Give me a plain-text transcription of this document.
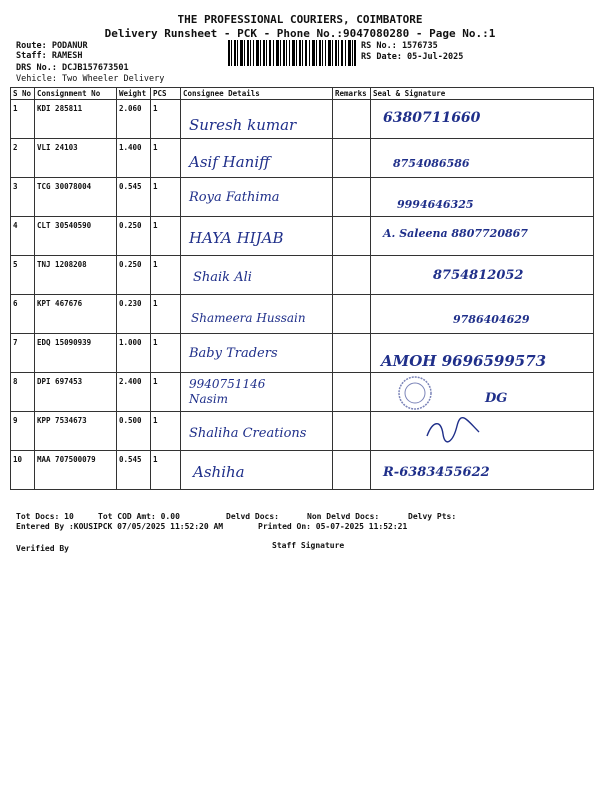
THE PROFESSIONAL COURIERS, COIMBATORE
Delivery Runsheet - PCK - Phone No.:9047080280 - Page No.:1
Route: PODANUR
Staff: RAMESH
DRS No.: DCJB157673501
Vehicle: Two Wheeler Delivery
RS No.: 1576735
RS Date: 05-Jul-2025
S No	Consignment No	Weight	PCS	Consignee Details	Remarks	Seal & Signature
1	KDI 285811	2.060	1	Suresh kumar		6380711660

2	VLI 24103	1.400	1	Asif Haniff		8754086586

3	TCG 30078004	0.545	1	Roya Fathima		9994646325

4	CLT 30540590	0.250	1	HAYA HIJAB		A. Saleena 8807720867

5	TNJ 1208208	0.250	1	Shaik Ali		8754812052

6	KPT 467676	0.230	1	Shameera Hussain		9786404629

7	EDQ 15090939	1.000	1	Baby Traders		AMOH 9696599573

8	DPI 697453	2.400	1	9940751146 Nasim		DG

9	KPP 7534673	0.500	1	Shaliha Creations

10	MAA 707500079	0.545	1	Ashiha		R-6383455622
Tot Docs: 10	Tot COD Amt: 0.00	Delvd Docs:	Non Delvd Docs:	Delvy Pts:
Entered By :KOUSIPCK 07/05/2025 11:52:20 AM	Printed On: 05-07-2025 11:52:21
Verified By	Staff Signature
